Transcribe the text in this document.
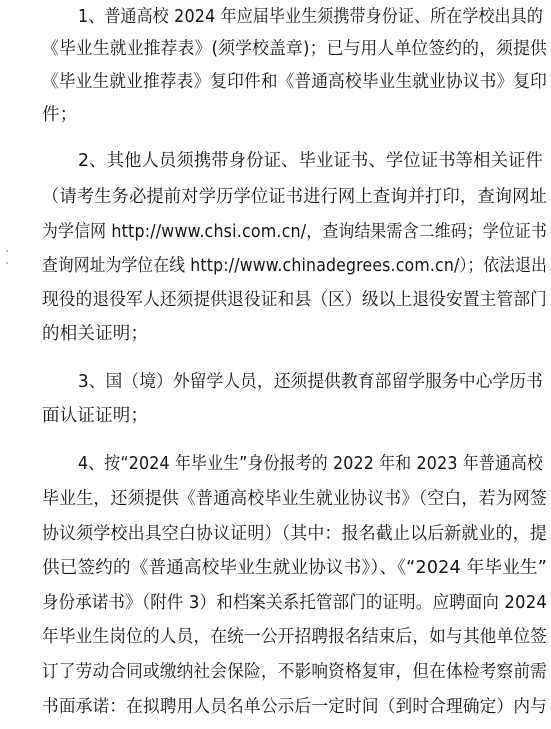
1、普通高校 2024 年应届毕业生须携带身份证、所在学校出具的
《毕业生就业推荐表》(须学校盖章)；已与用人单位签约的，须提供
《毕业生就业推荐表》复印件和《普通高校毕业生就业协议书》复印
件；
2、其他人员须携带身份证、毕业证书、学位证书等相关证件
（请考生务必提前对学历学位证书进行网上查询并打印，查询网址
为学信网 http://www.chsi.com.cn/，查询结果需含二维码；学位证书
查询网址为学位在线 http://www.chinadegrees.com.cn/）；依法退出
现役的退役军人还须提供退役证和县（区）级以上退役安置主管部门
的相关证明；
3、国（境）外留学人员，还须提供教育部留学服务中心学历书
面认证证明；
4、按“2024 年毕业生”身份报考的 2022 年和 2023 年普通高校
毕业生，还须提供《普通高校毕业生就业协议书》（空白，若为网签
协议须学校出具空白协议证明）（其中：报名截止以后新就业的，提
供已签约的《普通高校毕业生就业协议书》）、《“2024 年毕业生”
身份承诺书》（附件 3）和档案关系托管部门的证明。应聘面向 2024
年毕业生岗位的人员，在统一公开招聘报名结束后，如与其他单位签
订了劳动合同或缴纳社会保险，不影响资格复审，但在体检考察前需
书面承诺：在拟聘用人员名单公示后一定时间（到时合理确定）内与
